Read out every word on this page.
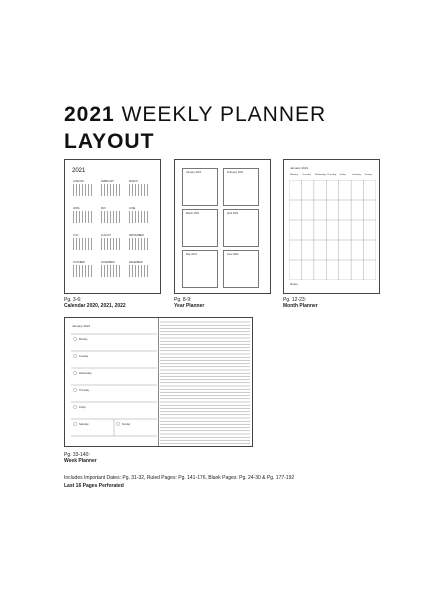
2021 WEEKLY PLANNER
LAYOUT
2021
JANUARY	FEBRUARY	MARCH
APRIL	MAY	JUNE
JULY	AUGUST	SEPTEMBER
OCTOBER	NOVEMBER	DECEMBER
Pg. 3-6:
Calendar 2020, 2021, 2022
January 2021	February 2021
March 2021	April 2021
May 2021	June 2021
Pg. 8-9:
Year Planner
January 2021
Monday Tuesday Wednesday Thursday Friday	Saturday Sunday
Notes
Pg. 12-23:
Month Planner
January 2021
Monday
Tuesday
Wednesday
Thursday
Friday
Saturday	Sunday
Pg. 33-140:
Week Planner
Includes Important Dates: Pg. 31-32, Ruled Pages: Pg. 141-176, Blank Pages: Pg. 24-30 & Pg. 177-192
Last 16 Pages Perforated
